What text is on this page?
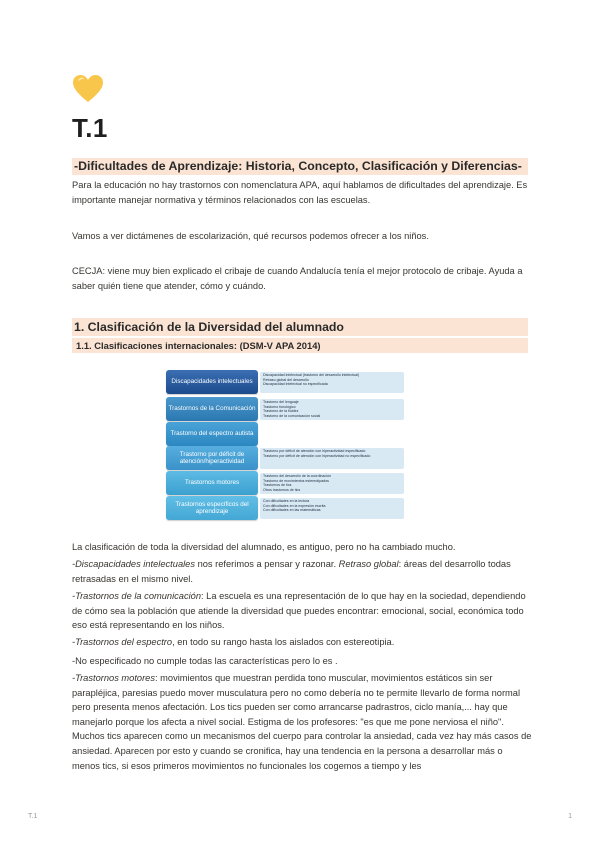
T.1
-Dificultades de Aprendizaje: Historia, Concepto, Clasificación y Diferencias-

Para la educación no hay trastornos con nomenclatura APA, aquí hablamos de dificultades del aprendizaje. Es importante manejar normativa y términos relacionados con las escuelas.

Vamos a ver dictámenes de escolarización, qué recursos podemos ofrecer a los niños.

CECJA: viene muy bien explicado el cribaje de cuando Andalucía tenía el mejor protocolo de cribaje. Ayuda a saber quién tiene que atender, cómo y cuándo.

1. Clasificación de la Diversidad del alumnado
1.1. Clasificaciones internacionales: (DSM-V APA 2014)
Discapacidades intelectuales
Discapacidad intelectual (trastorno del desarrollo intelectual)
Retraso global del desarrollo
Discapacidad intelectual no especificada
Trastornos de la Comunicación
Trastorno del lenguaje
Trastorno fonológico
Trastorno de la fluidez
Trastorno de la comunicación social
Trastorno del espectro autista
Trastorno por déficit de atención/hiperactividad
Trastorno por déficit de atención con hiperactividad especificado
Trastorno por déficit de atención con hiperactividad no especificado
Trastornos motores
Trastorno del desarrollo de la coordinación
Trastorno de movimientos estereotipados
Trastornos de tics
Otros trastornos de tics
Trastornos específicos del aprendizaje
Con dificultades en la lectura
Con dificultades en la expresión escrita
Con dificultades en las matemáticas

La clasificación de toda la diversidad del alumnado, es antiguo, pero no ha cambiado mucho.

-Discapacidades intelectuales nos referimos a pensar y razonar. Retraso global: áreas del desarrollo todas retrasadas en el mismo nivel.

-Trastornos de la comunicación: La escuela es una representación de lo que hay en la sociedad, dependiendo de cómo sea la población que atiende la diversidad que puedes encontrar: emocional, social, económica todo eso está representando en los niños.

-Trastornos del espectro, en todo su rango hasta los aislados con estereotipia.

-No especificado no cumple todas las características pero lo es .

-Trastornos motores: movimientos que muestran perdida tono muscular, movimientos estáticos sin ser parapléjica, paresias puedo mover musculatura pero no como debería no te permite llevarlo de forma normal pero presenta menos afectación. Los tics pueden ser como arrancarse padrastros, ciclo manía,... hay que manejarlo porque los afecta a nivel social. Estigma de los profesores: "es que me pone nerviosa el niño". Muchos tics aparecen como un mecanismos del cuerpo para controlar la ansiedad, cada vez hay más casos de ansiedad. Aparecen por esto y cuando se cronifica, hay una tendencia en la persona a desarrollar más o menos tics, si esos primeros movimientos no funcionales los cogemos a tiempo y les

T.1	1
